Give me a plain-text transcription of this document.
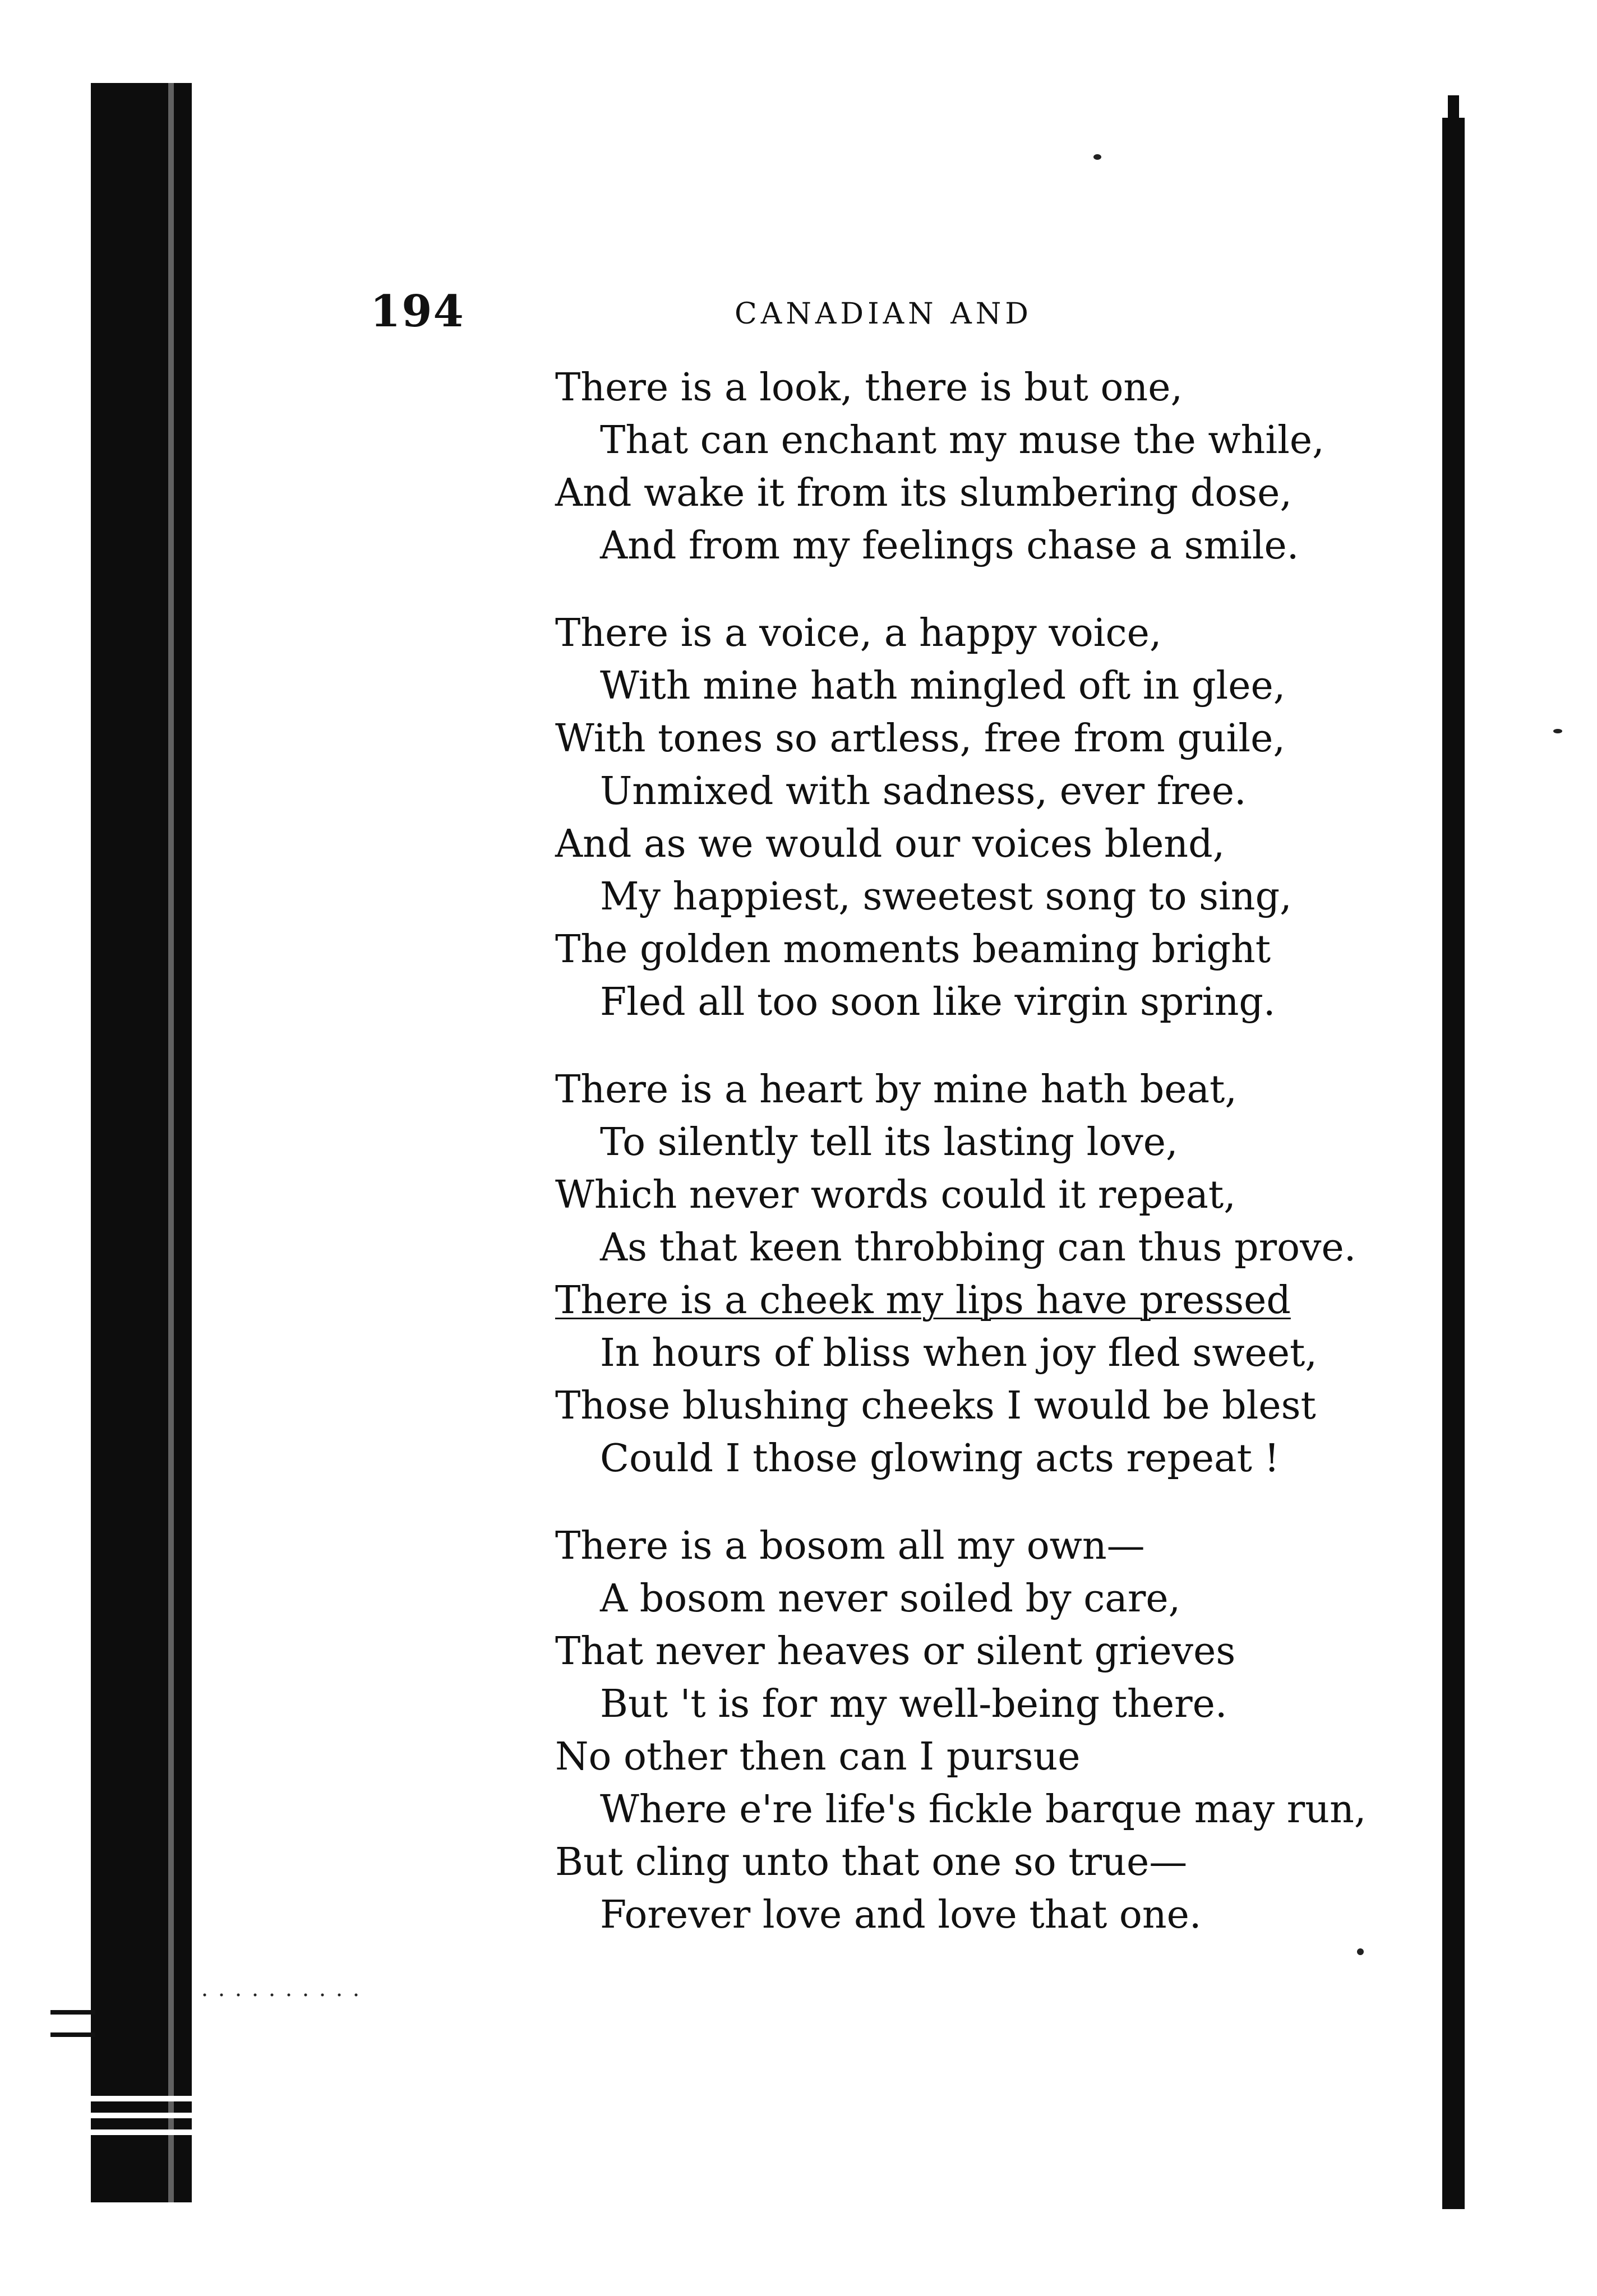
194	CANADIAN AND

There is a look, there is but one,

That can enchant my muse the while,

And wake it from its slumbering dose,

And from my feelings chase a smile.

There is a voice, a happy voice,

With mine hath mingled oft in glee,

With tones so artless, free from guile,

Unmixed with sadness, ever free.

And as we would our voices blend,

My happiest, sweetest song to sing,

The golden moments beaming bright

Fled all too soon like virgin spring.

There is a heart by mine hath beat,

To silently tell its lasting love,

Which never words could it repeat,

As that keen throbbing can thus prove.

There is a cheek my lips have pressed

In hours of bliss when joy fled sweet,

Those blushing cheeks I would be blest

Could I those glowing acts repeat !

There is a bosom all my own—

A bosom never soiled by care,

That never heaves or silent grieves

But 't is for my well-being there.

No other then can I pursue

Where e're life's fickle barque may run,

But cling unto that one so true—

Forever love and love that one.
